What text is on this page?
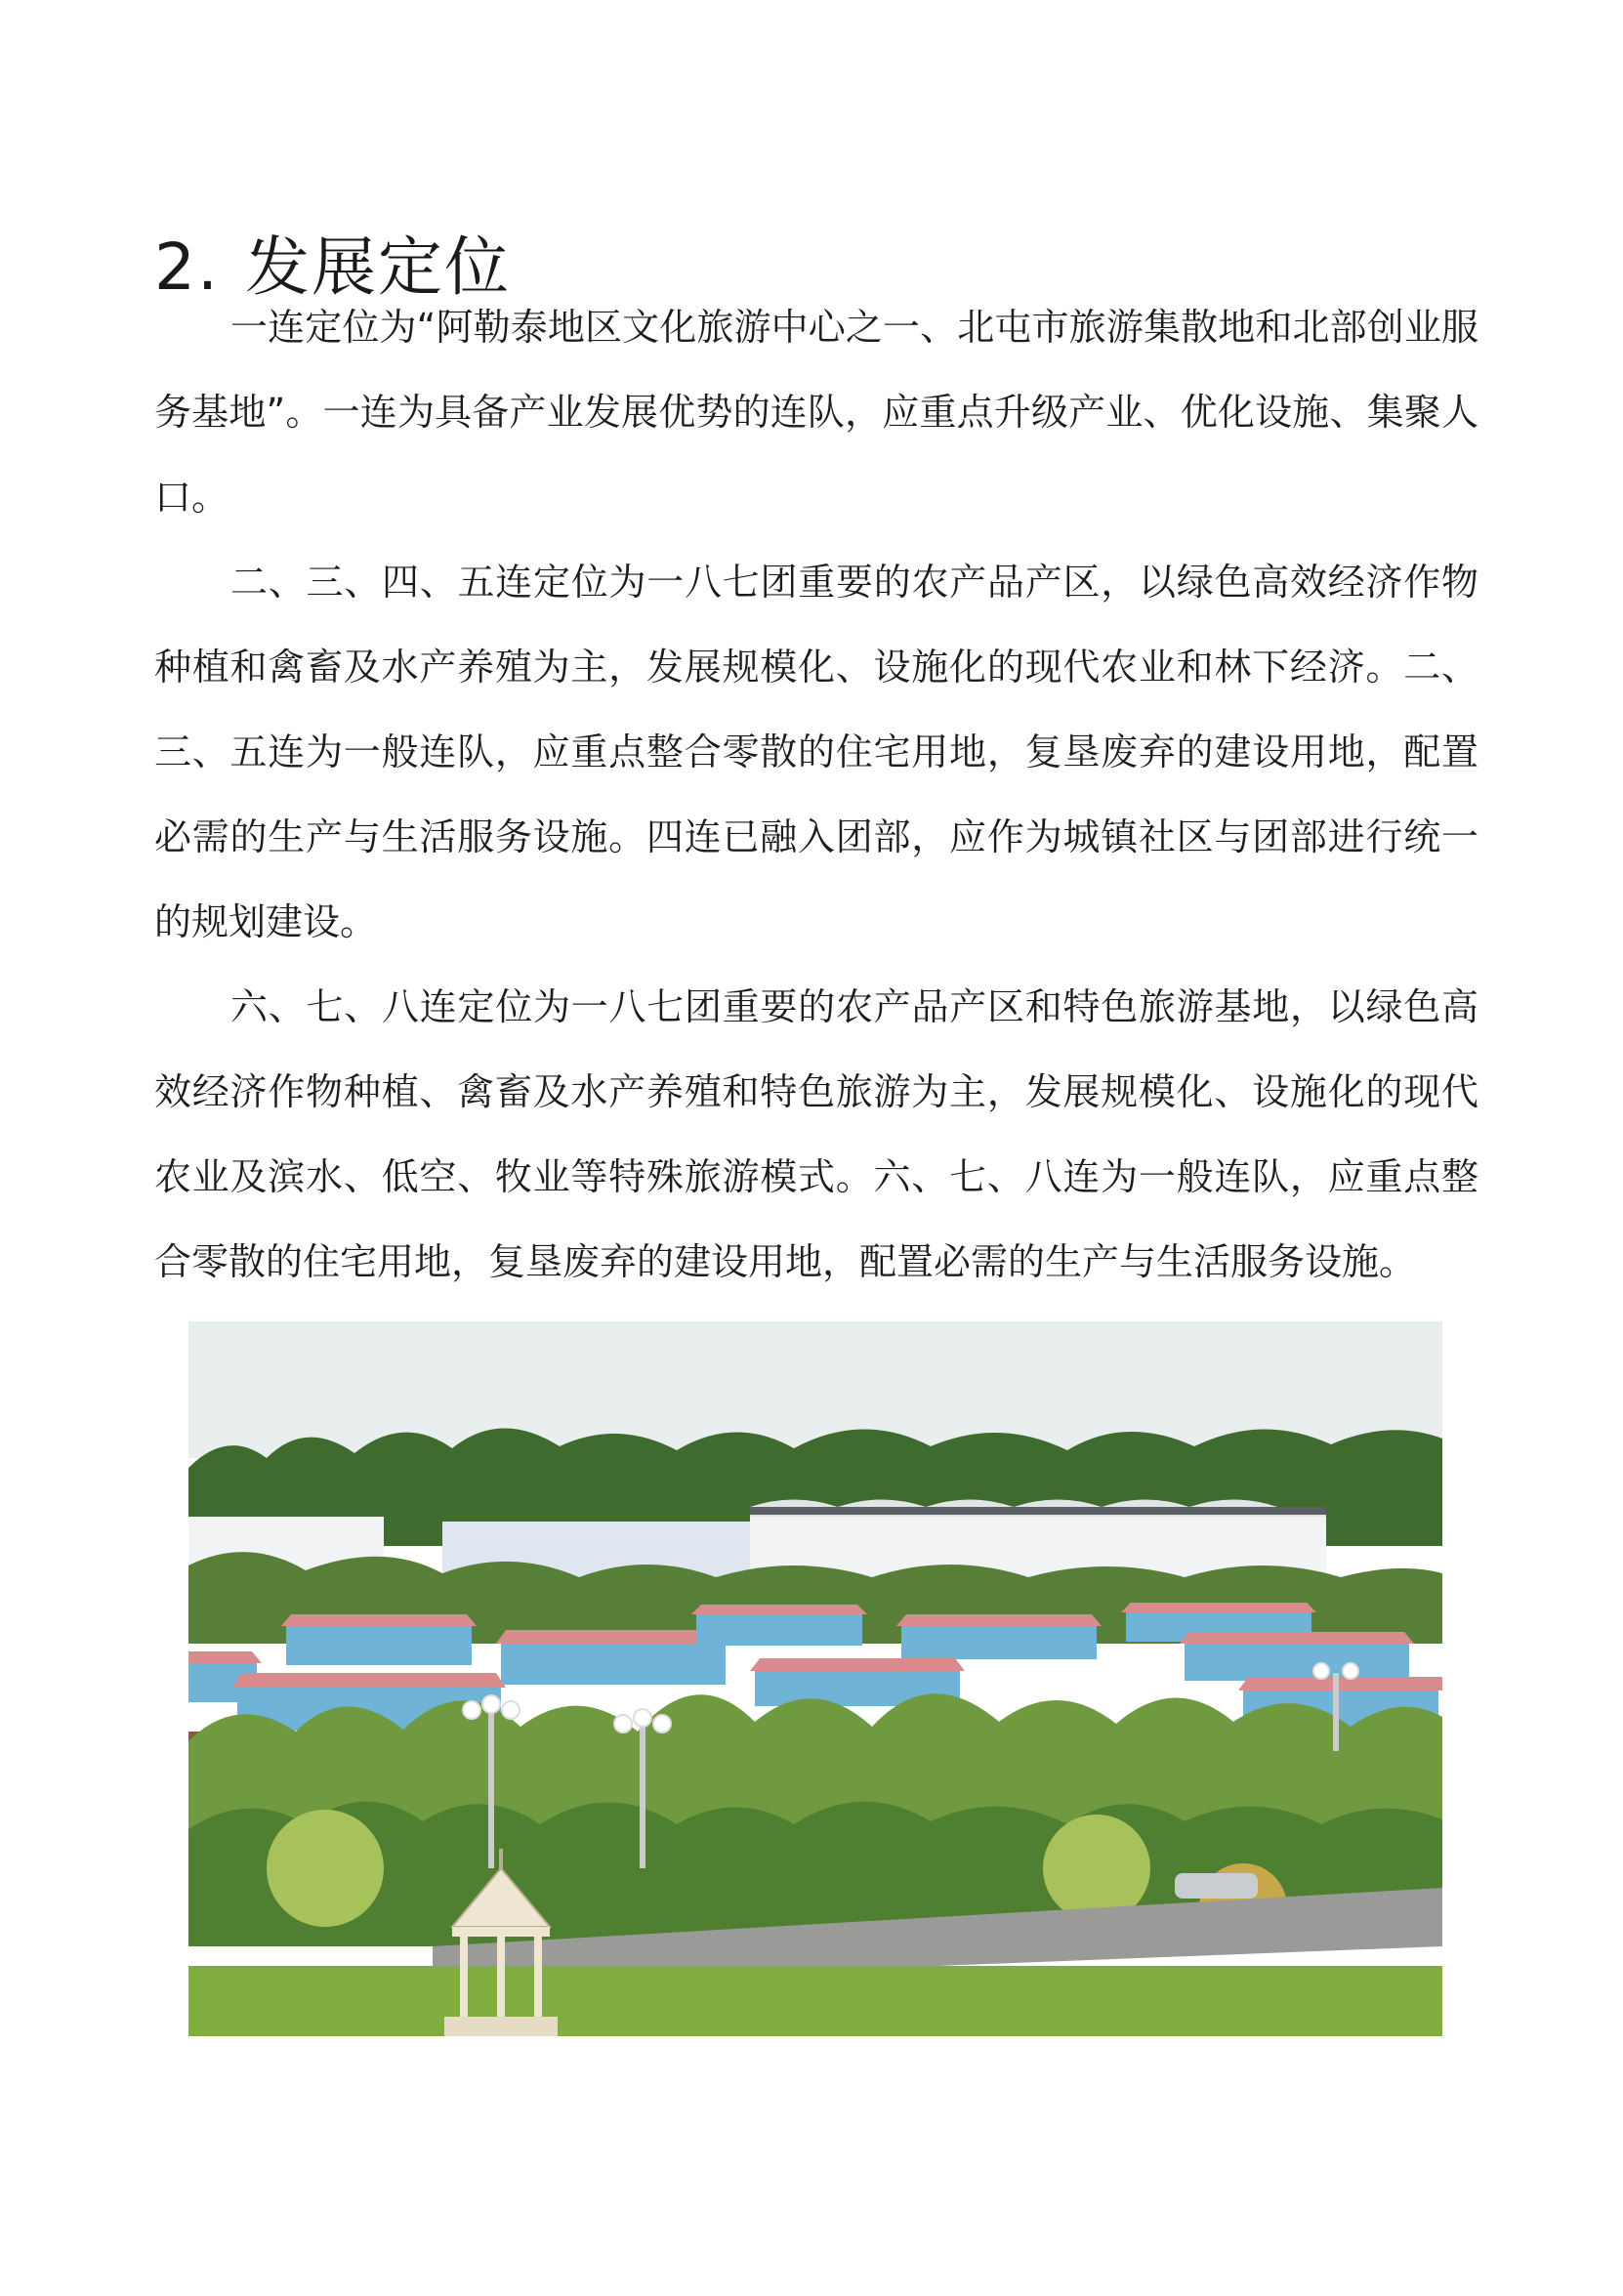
2. 发展定位

一连定位为“阿勒泰地区文化旅游中心之一、北屯市旅游集散地和北部创业服务基地”。一连为具备产业发展优势的连队，应重点升级产业、优化设施、集聚人口。

二、三、四、五连定位为一八七团重要的农产品产区，以绿色高效经济作物种植和禽畜及水产养殖为主，发展规模化、设施化的现代农业和林下经济。二、三、五连为一般连队，应重点整合零散的住宅用地，复垦废弃的建设用地，配置必需的生产与生活服务设施。四连已融入团部，应作为城镇社区与团部进行统一的规划建设。

六、七、八连定位为一八七团重要的农产品产区和特色旅游基地，以绿色高效经济作物种植、禽畜及水产养殖和特色旅游为主，发展规模化、设施化的现代农业及滨水、低空、牧业等特殊旅游模式。六、七、八连为一般连队，应重点整合零散的住宅用地，复垦废弃的建设用地，配置必需的生产与生活服务设施。
